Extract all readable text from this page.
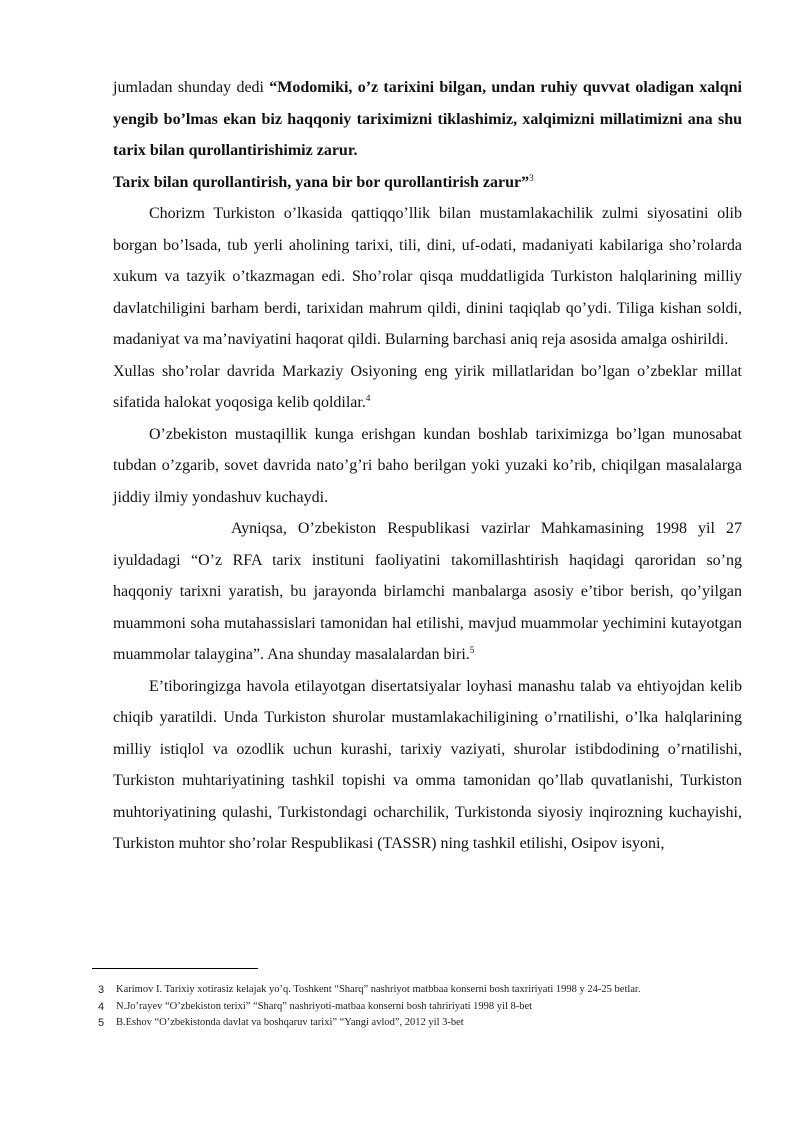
jumladan shunday dedi “Modomiki, o’z tarixini bilgan, undan ruhiy quvvat oladigan xalqni yengib bo’lmas ekan biz haqqoniy tariximizni tiklashimiz, xalqimizni millatimizni ana shu tarix bilan qurollantirishimiz zarur.

Tarix bilan qurollantirish, yana bir bor qurollantirish zarur”$^3$

Chorizm Turkiston o’lkasida qattiqqo’llik bilan mustamlakachilik zulmi siyosatini olib borgan bo’lsada, tub yerli aholining tarixi, tili, dini, uf-odati, madaniyati kabilariga sho’rolarda xukum va tazyik o’tkazmagan edi. Sho’rolar qisqa muddatligida Turkiston halqlarining milliy davlatchiligini barham berdi, tarixidan mahrum qildi, dinini taqiqlab qo’ydi. Tiliga kishan soldi, madaniyat va ma’naviyatini haqorat qildi. Bularning barchasi aniq reja asosida amalga oshirildi.

Xullas sho’rolar davrida Markaziy Osiyoning eng yirik millatlaridan bo’lgan o’zbeklar millat sifatida halokat yoqosiga kelib qoldilar.$^4$

O’zbekiston mustaqillik kunga erishgan kundan boshlab tariximizga bo’lgan munosabat tubdan o’zgarib, sovet davrida nato’g’ri baho berilgan yoki yuzaki ko’rib, chiqilgan masalalarga jiddiy ilmiy yondashuv kuchaydi.

Ayniqsa, O’zbekiston Respublikasi vazirlar Mahkamasining 1998 yil 27 iyuldadagi “O’z RFA tarix instituni faoliyatini takomillashtirish haqidagi qaroridan so’ng haqqoniy tarixni yaratish, bu jarayonda birlamchi manbalarga asosiy e’tibor berish, qo’yilgan muammoni soha mutahassislari tamonidan hal etilishi, mavjud muammolar yechimini kutayotgan muammolar talaygina”. Ana shunday masalalardan biri.$^5$

E’tiboringizga havola etilayotgan disertatsiyalar loyhasi manashu talab va ehtiyojdan kelib chiqib yaratildi. Unda Turkiston shurolar mustamlakachiligining o’rnatilishi, o’lka halqlarining milliy istiqlol va ozodlik uchun kurashi, tarixiy vaziyati, shurolar istibdodining o’rnatilishi, Turkiston muhtariyatining tashkil topishi va omma tamonidan qo’llab quvatlanishi, Turkiston muhtoriyatining qulashi, Turkistondagi ocharchilik, Turkistonda siyosiy inqirozning kuchayishi, Turkiston muhtor sho’rolar Respublikasi (TASSR) ning tashkil etilishi, Osipov isyoni,

3 Karimov I. Tarixiy xotirasiz kelajak yo’q. Toshkent “Sharq” nashriyot matbbaa konserni bosh taxririyati 1998 y 24-25 betlar.

4 N.Jo’rayev “O’zbekiston terixi” “Sharq” nashriyoti-matbaa konserni bosh tahririyati 1998 yil 8-bet

5 B.Eshov “O’zbekistonda davlat va boshqaruv tarixi” “Yangi avlod”, 2012 yil 3-bet
